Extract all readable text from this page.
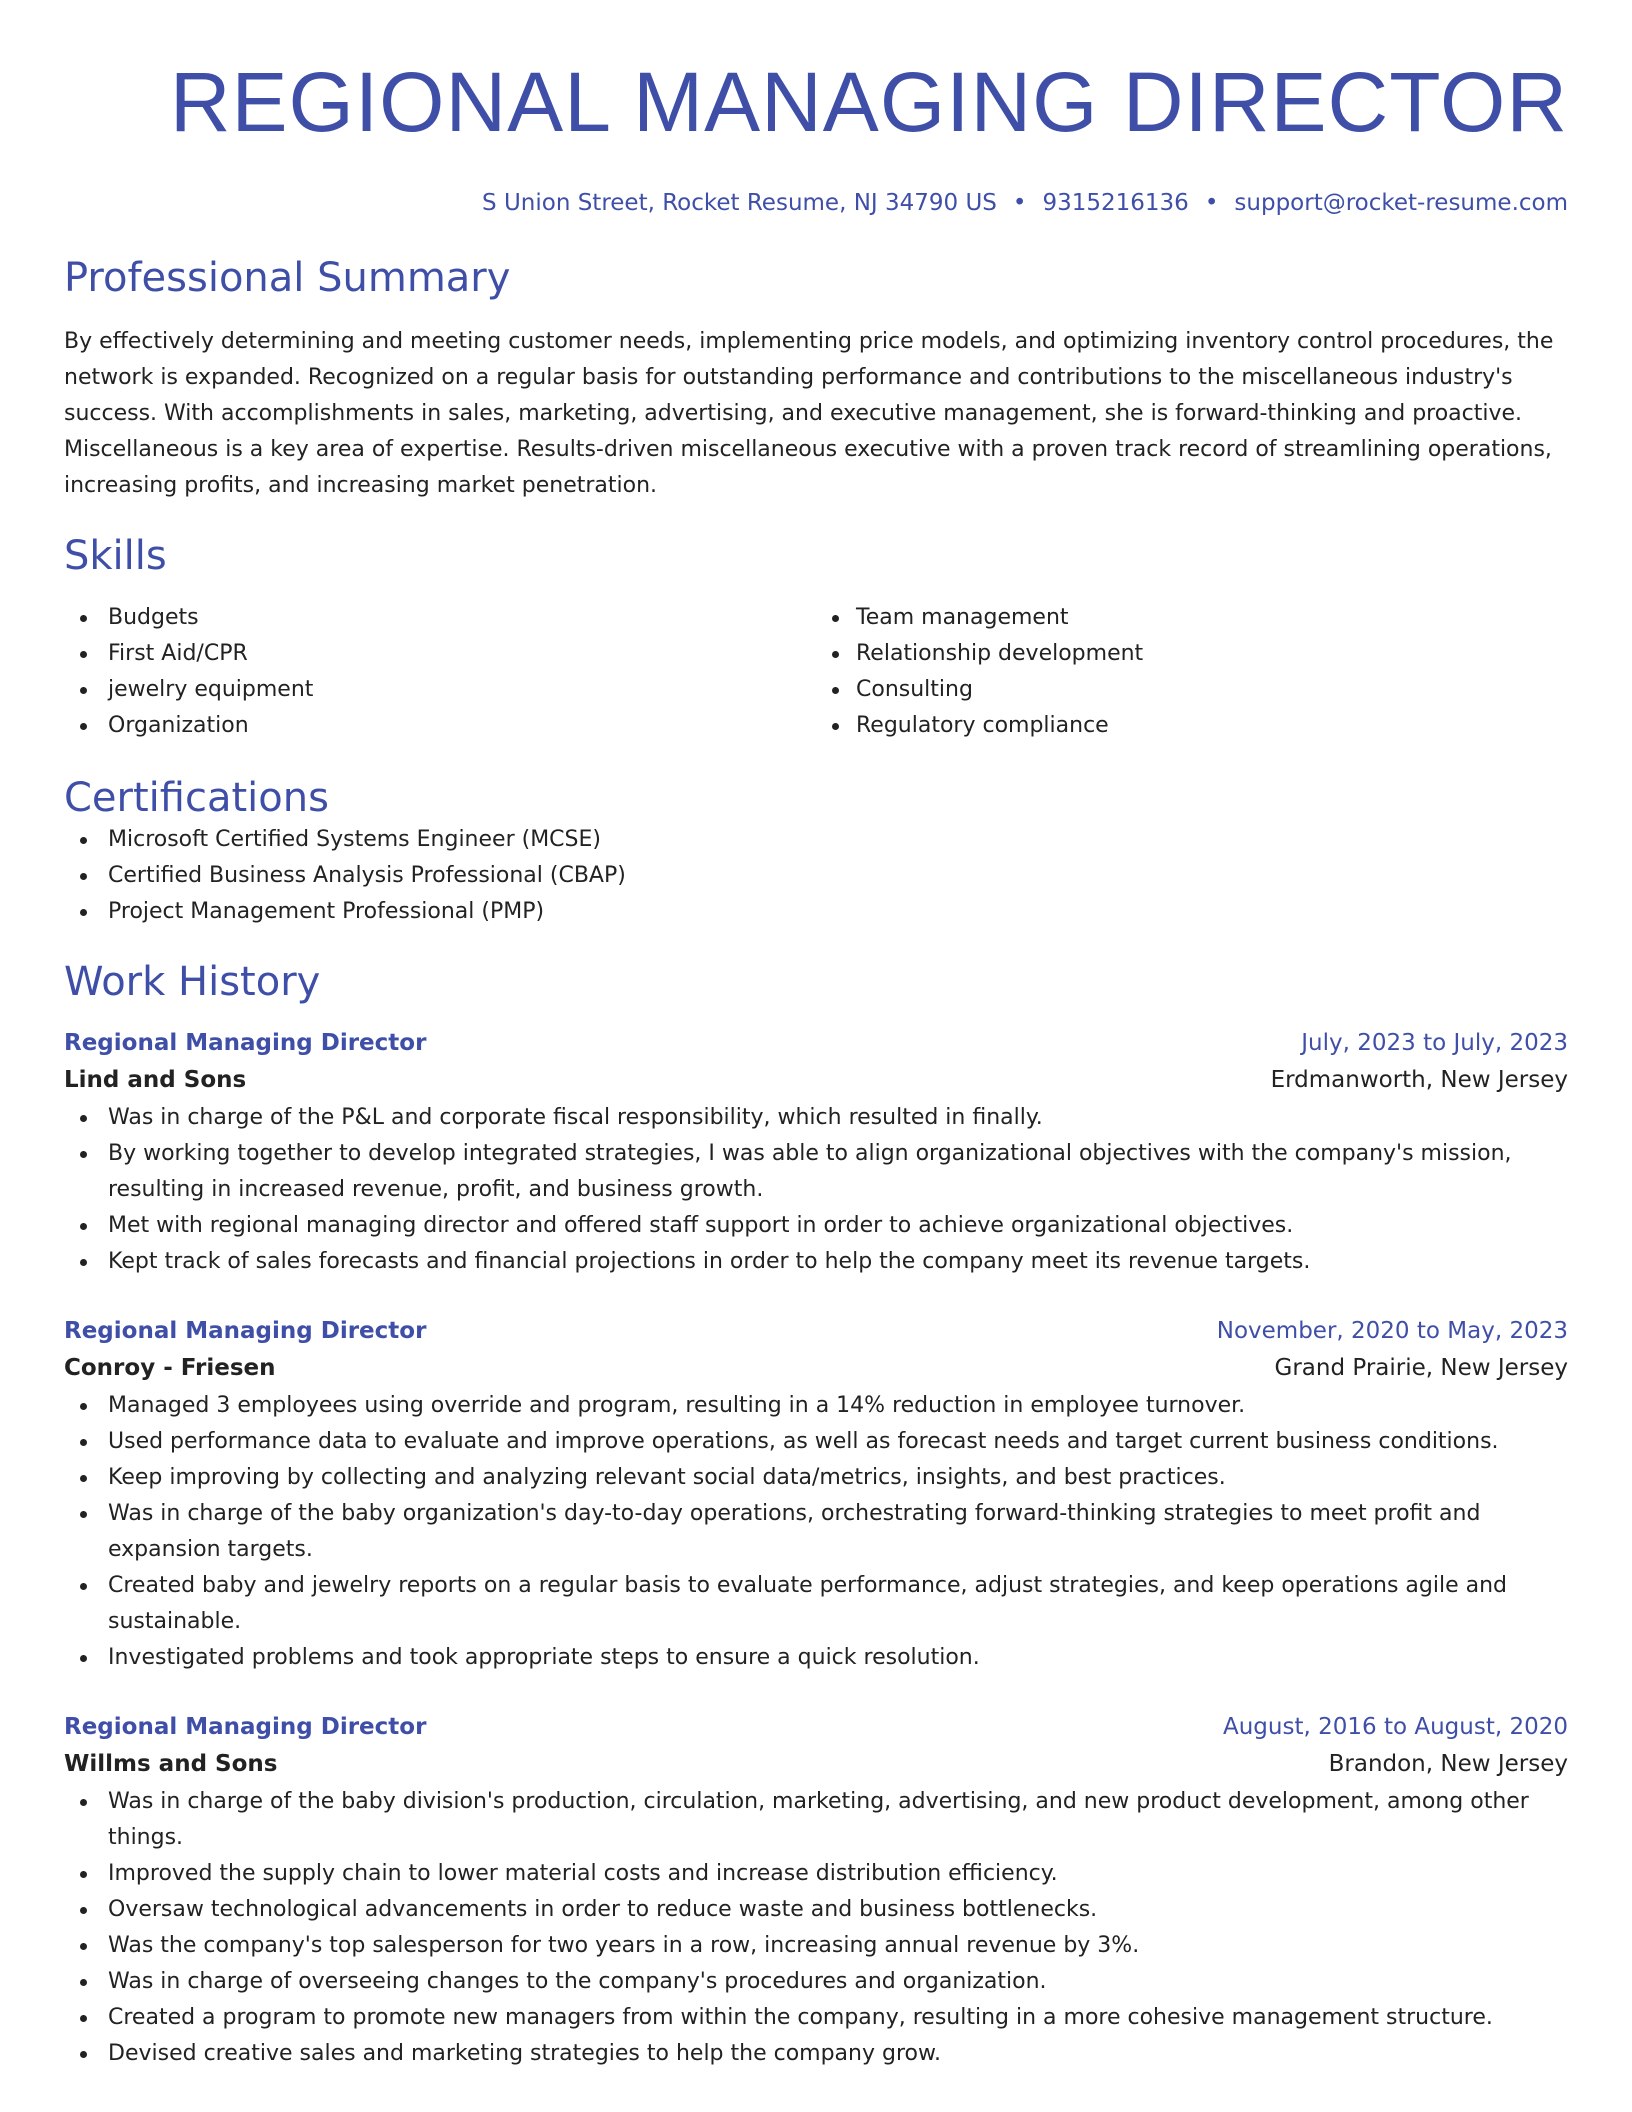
REGIONAL MANAGING DIRECTOR
S Union Street, Rocket Resume, NJ 34790 US • 9315216136 • support@rocket-resume.com
Professional Summary

By effectively determining and meeting customer needs, implementing price models, and optimizing inventory control procedures, the network is expanded. Recognized on a regular basis for outstanding performance and contributions to the miscellaneous industry's success. With accomplishments in sales, marketing, advertising, and executive management, she is forward-thinking and proactive. Miscellaneous is a key area of expertise. Results-driven miscellaneous executive with a proven track record of streamlining operations, increasing profits, and increasing market penetration.

Skills
Budgets
First Aid/CPR
jewelry equipment
Organization
Team management
Relationship development
Consulting
Regulatory compliance
Certifications
Microsoft Certified Systems Engineer (MCSE)
Certified Business Analysis Professional (CBAP)
Project Management Professional (PMP)
Work History
Regional Managing Director	July, 2023 to July, 2023
Lind and Sons	Erdmanworth, New Jersey
Was in charge of the P&L and corporate fiscal responsibility, which resulted in finally.
By working together to develop integrated strategies, I was able to align organizational objectives with the company's mission, resulting in increased revenue, profit, and business growth.
Met with regional managing director and offered staff support in order to achieve organizational objectives.
Kept track of sales forecasts and financial projections in order to help the company meet its revenue targets.
Regional Managing Director	November, 2020 to May, 2023
Conroy - Friesen	Grand Prairie, New Jersey
Managed 3 employees using override and program, resulting in a 14% reduction in employee turnover.
Used performance data to evaluate and improve operations, as well as forecast needs and target current business conditions.
Keep improving by collecting and analyzing relevant social data/metrics, insights, and best practices.
Was in charge of the baby organization's day-to-day operations, orchestrating forward-thinking strategies to meet profit and expansion targets.
Created baby and jewelry reports on a regular basis to evaluate performance, adjust strategies, and keep operations agile and sustainable.
Investigated problems and took appropriate steps to ensure a quick resolution.
Regional Managing Director	August, 2016 to August, 2020
Willms and Sons	Brandon, New Jersey
Was in charge of the baby division's production, circulation, marketing, advertising, and new product development, among other things.
Improved the supply chain to lower material costs and increase distribution efficiency.
Oversaw technological advancements in order to reduce waste and business bottlenecks.
Was the company's top salesperson for two years in a row, increasing annual revenue by 3%.
Was in charge of overseeing changes to the company's procedures and organization.
Created a program to promote new managers from within the company, resulting in a more cohesive management structure.
Devised creative sales and marketing strategies to help the company grow.
